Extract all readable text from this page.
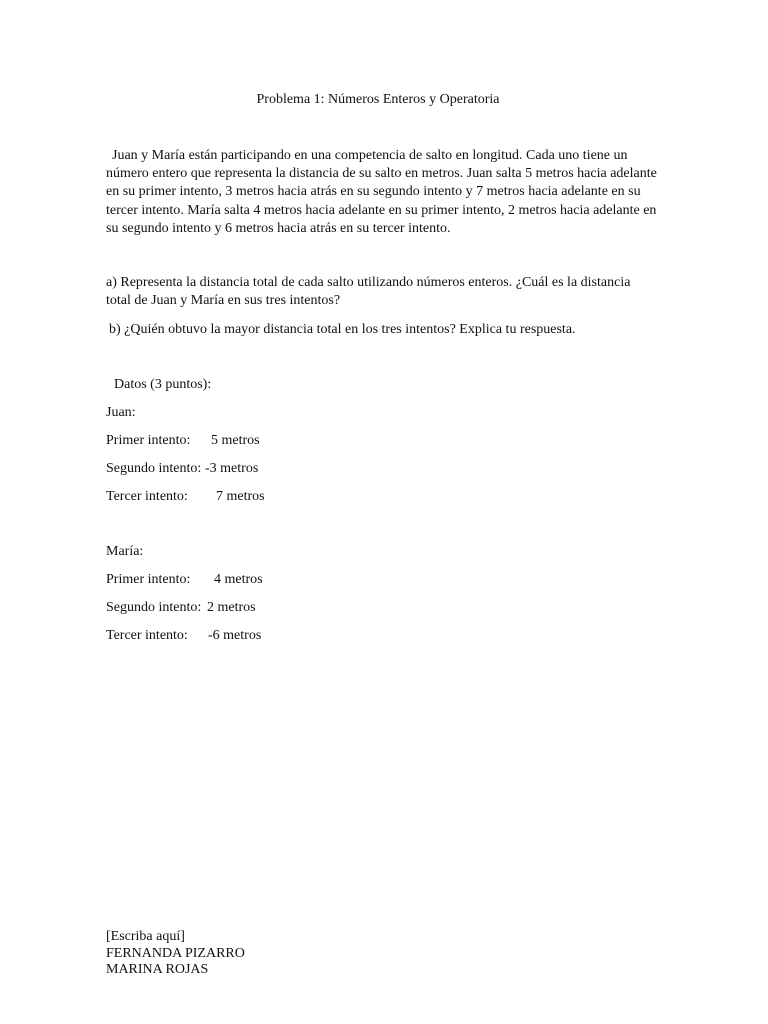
Problema 1: Números Enteros y Operatoria

Juan y María están participando en una competencia de salto en longitud. Cada uno tiene un número entero que representa la distancia de su salto en metros. Juan salta 5 metros hacia adelante en su primer intento, 3 metros hacia atrás en su segundo intento y 7 metros hacia adelante en su tercer intento. María salta 4 metros hacia adelante en su primer intento, 2 metros hacia adelante en su segundo intento y 6 metros hacia atrás en su tercer intento.

a) Representa la distancia total de cada salto utilizando números enteros. ¿Cuál es la distancia total de Juan y María en sus tres intentos?

b) ¿Quién obtuvo la mayor distancia total en los tres intentos? Explica tu respuesta.

Datos (3 puntos):
Juan:
Primer intento: 5 metros
Segundo intento: -3 metros
Tercer intento: 7 metros
María:
Primer intento: 4 metros
Segundo intento: 2 metros
Tercer intento: -6 metros
[Escriba aquí]
FERNANDA PIZARRO
MARINA ROJAS
